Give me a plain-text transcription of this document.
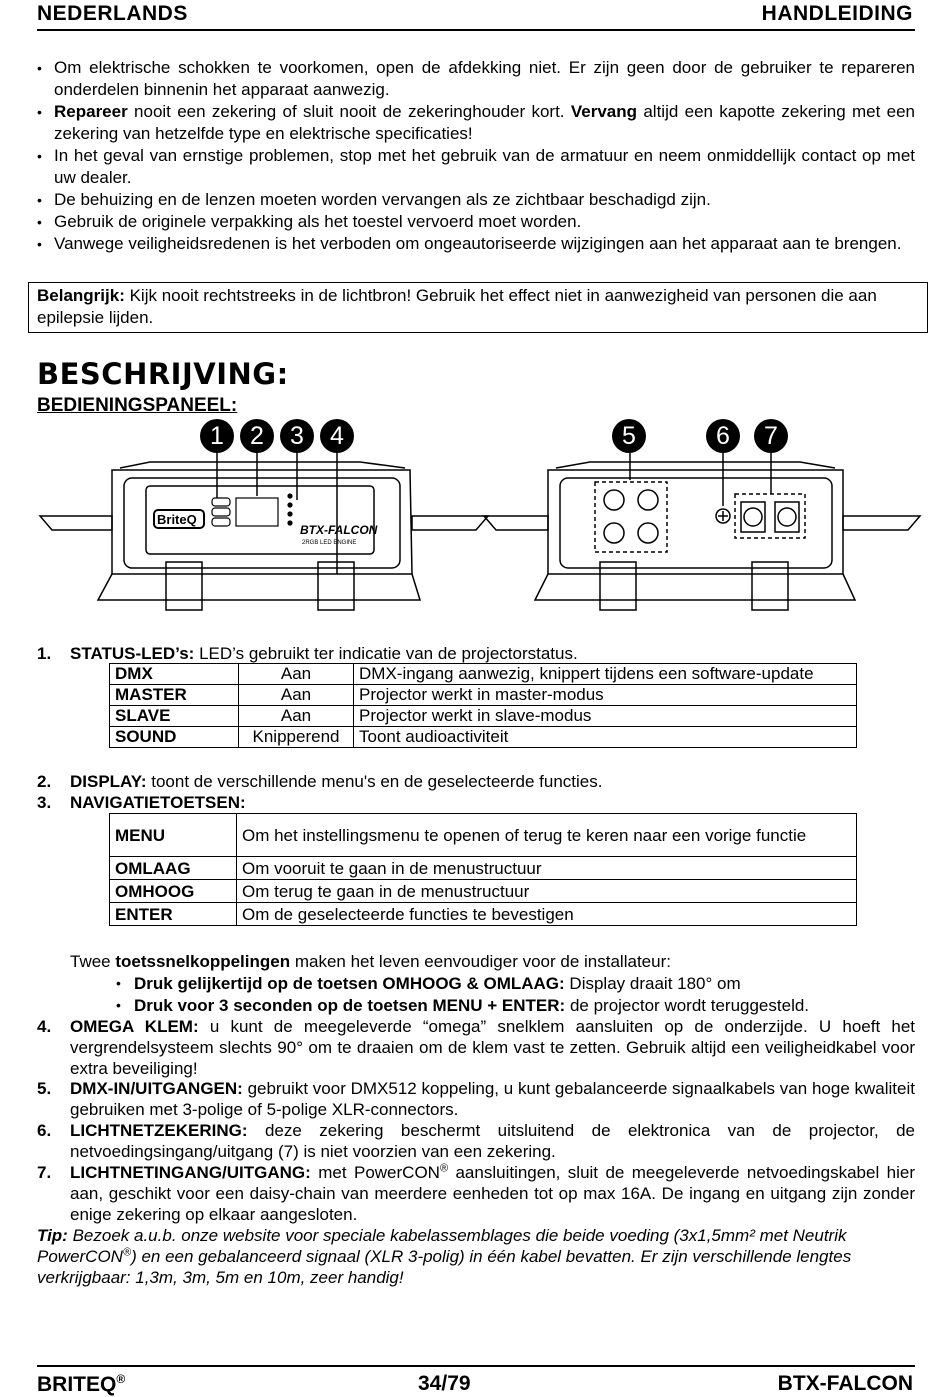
NEDERLANDS	HANDLEIDING
• Om elektrische schokken te voorkomen, open de afdekking niet. Er zijn geen door de gebruiker te repareren onderdelen binnenin het apparaat aanwezig.
• Repareer nooit een zekering of sluit nooit de zekeringhouder kort. Vervang altijd een kapotte zekering met een zekering van hetzelfde type en elektrische specificaties!
• In het geval van ernstige problemen, stop met het gebruik van de armatuur en neem onmiddellijk contact op met uw dealer.
• De behuizing en de lenzen moeten worden vervangen als ze zichtbaar beschadigd zijn.
• Gebruik de originele verpakking als het toestel vervoerd moet worden.
• Vanwege veiligheidsredenen is het verboden om ongeautoriseerde wijzigingen aan het apparaat aan te brengen.
Belangrijk: Kijk nooit rechtstreeks in de lichtbron! Gebruik het effect niet in aanwezigheid van personen die aan epilepsie lijden.
BESCHRIJVING:
BEDIENINGSPANEEL:
1	2	3	4	5	6	7
BriteQ
BTX-FALCON
2RGB LED ENGINE
1. STATUS-LED’s: LED’s gebruikt ter indicatie van de projectorstatus.
DMX	Aan	DMX-ingang aanwezig, knippert tijdens een software-update
MASTER	Aan	Projector werkt in master-modus
SLAVE	Aan	Projector werkt in slave-modus
SOUND	Knipperend	Toont audioactiviteit
2. DISPLAY: toont de verschillende menu's en de geselecteerde functies.
3. NAVIGATIETOETSEN:
MENU	Om het instellingsmenu te openen of terug te keren naar een vorige functie
OMLAAG	Om vooruit te gaan in de menustructuur
OMHOOG	Om terug te gaan in de menustructuur
ENTER	Om de geselecteerde functies te bevestigen
Twee toetssnelkoppelingen maken het leven eenvoudiger voor de installateur:
• Druk gelijkertijd op de toetsen OMHOOG & OMLAAG: Display draait 180° om
• Druk voor 3 seconden op de toetsen MENU + ENTER: de projector wordt teruggesteld.
4. OMEGA KLEM: u kunt de meegeleverde “omega” snelklem aansluiten op de onderzijde. U hoeft het vergrendelsysteem slechts 90° om te draaien om de klem vast te zetten. Gebruik altijd een veiligheidkabel voor extra beveiliging!
5. DMX-IN/UITGANGEN: gebruikt voor DMX512 koppeling, u kunt gebalanceerde signaalkabels van hoge kwaliteit gebruiken met 3-polige of 5-polige XLR-connectors.
6. LICHTNETZEKERING: deze zekering beschermt uitsluitend de elektronica van de projector, de netvoedingsingang/uitgang (7) is niet voorzien van een zekering.
7. LICHTNETINGANG/UITGANG: met PowerCON® aansluitingen, sluit de meegeleverde netvoedingskabel hier aan, geschikt voor een daisy-chain van meerdere eenheden tot op max 16A. De ingang en uitgang zijn zonder enige zekering op elkaar aangesloten.
Tip: Bezoek a.u.b. onze website voor speciale kabelassemblages die beide voeding (3x1,5mm² met Neutrik PowerCON®) en een gebalanceerd signaal (XLR 3-polig) in één kabel bevatten. Er zijn verschillende lengtes verkrijgbaar: 1,3m, 3m, 5m en 10m, zeer handig!
BRITEQ®	34/79	BTX-FALCON
